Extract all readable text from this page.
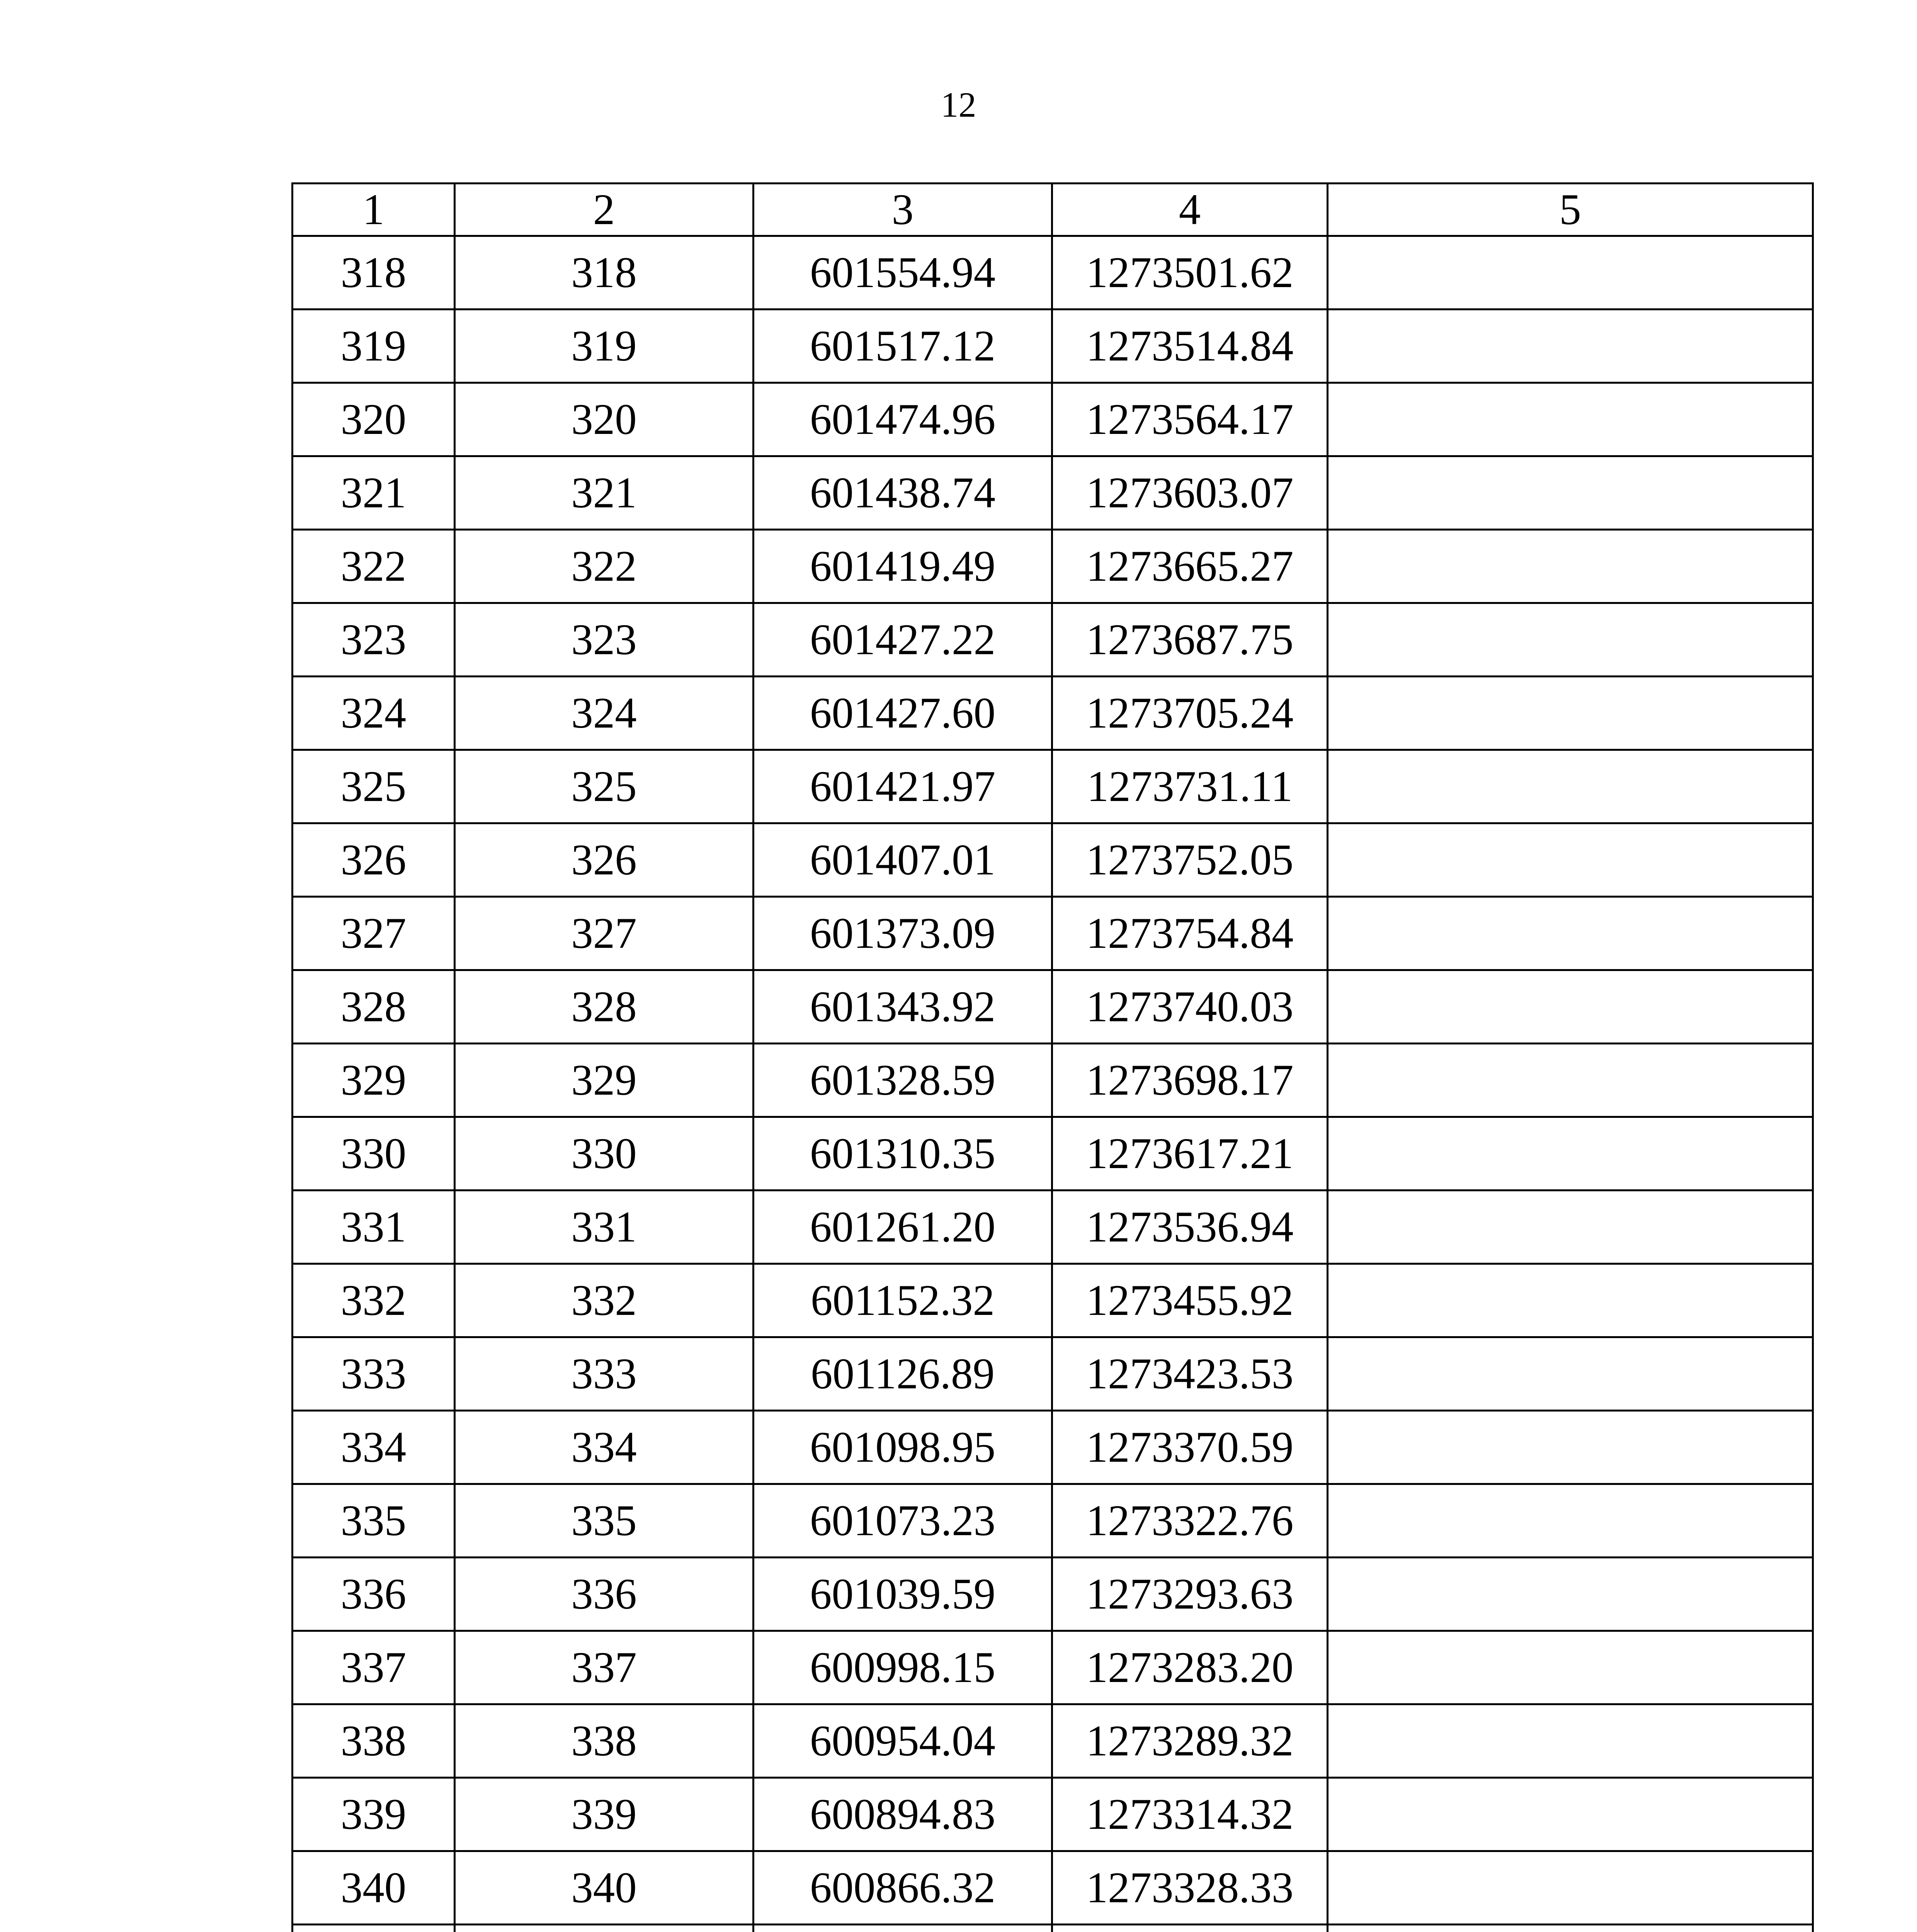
12
1	2	3	4	5
318	318	601554.94	1273501.62	
319	319	601517.12	1273514.84	
320	320	601474.96	1273564.17	
321	321	601438.74	1273603.07	
322	322	601419.49	1273665.27	
323	323	601427.22	1273687.75	
324	324	601427.60	1273705.24	
325	325	601421.97	1273731.11	
326	326	601407.01	1273752.05	
327	327	601373.09	1273754.84	
328	328	601343.92	1273740.03	
329	329	601328.59	1273698.17	
330	330	601310.35	1273617.21	
331	331	601261.20	1273536.94	
332	332	601152.32	1273455.92	
333	333	601126.89	1273423.53	
334	334	601098.95	1273370.59	
335	335	601073.23	1273322.76	
336	336	601039.59	1273293.63	
337	337	600998.15	1273283.20	
338	338	600954.04	1273289.32	
339	339	600894.83	1273314.32	
340	340	600866.32	1273328.33	
